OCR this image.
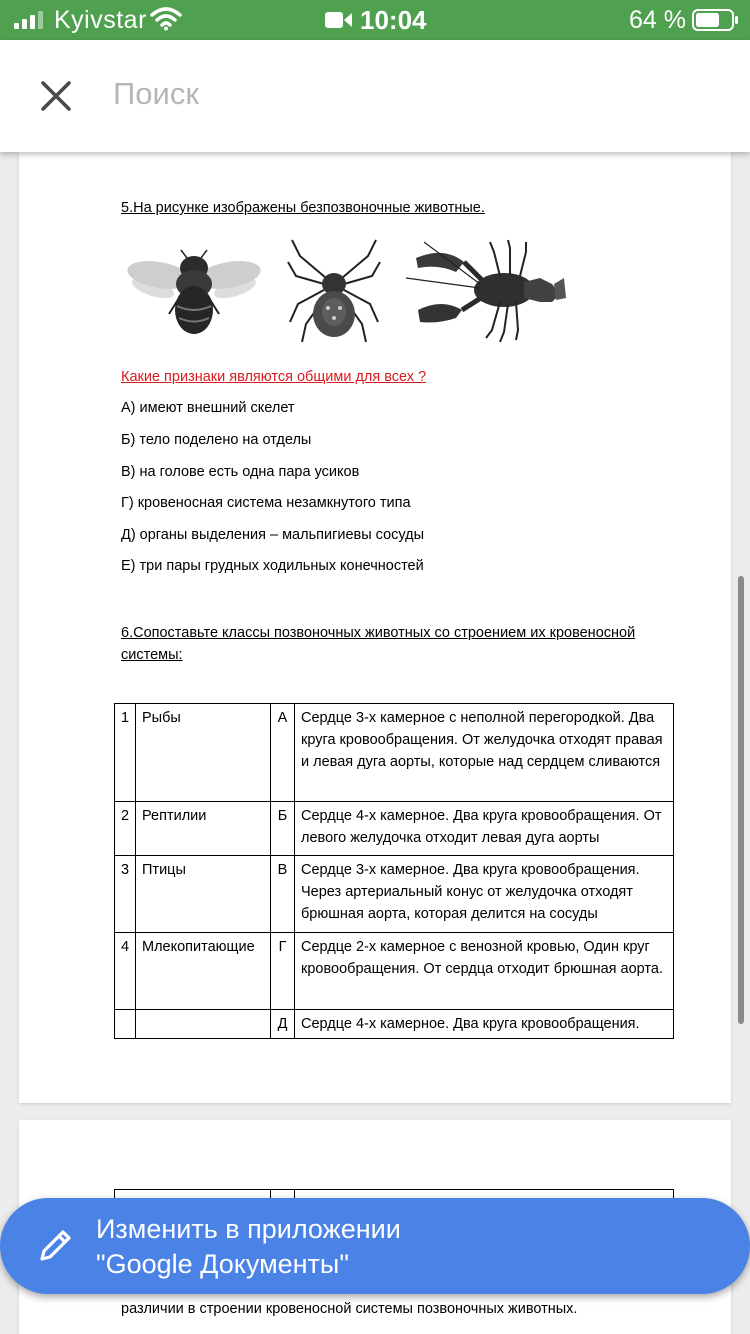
Kyivstar	10:04	64 %
Поиск
5.На рисунке изображены безпозвоночные животные.
Какие признаки являются общими для всех ?
А) имеют внешний скелет
Б) тело поделено на отделы
В) на голове есть одна пара усиков
Г) кровеносная система незамкнутого типа
Д) органы выделения – мальпигиевы сосуды
Е) три пары грудных ходильных конечностей
6.Сопоставьте классы позвоночных животных со строением их кровеносной системы:
1	Рыбы	А	Сердце 3-х камерное с неполной перегородкой. Два круга кровообращения. От желудочка отходят правая и левая дуга аорты, которые над сердцем сливаются
2	Рептилии	Б	Сердце 4-х камерное. Два круга кровообращения. От левого желудочка отходит левая дуга аорты
3	Птицы	В	Сердце 3-х камерное. Два круга кровообращения. Через артериальный конус от желудочка отходят брюшная аорта, которая делится на сосуды
4	Млекопитающие	Г	Сердце 2-х камерное с венозной кровью, Один круг кровообращения. От сердца отходит брюшная аорта.
		Д	Сердце 4-х камерное. Два круга кровообращения.
различии в строении кровеносной системы позвоночных животных.
Изменить в приложении
"Google Документы"
